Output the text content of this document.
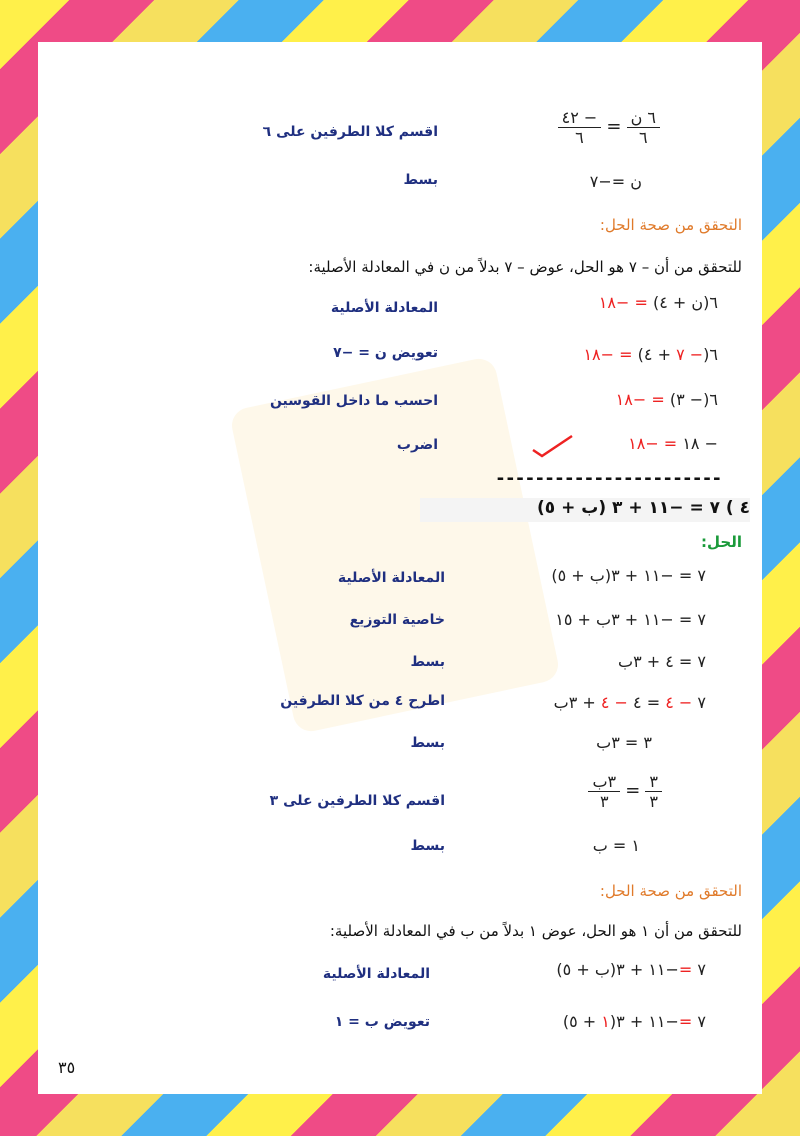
$\frac{\text{٦ ن}}{٦}$
=
$\frac{- ٤٢}{٦}$
اقسم كلا الطرفين على ٦
ن =−٧
بسط
التحقق من صحة الحل:
للتحقق من أن – ٧ هو الحل، عوض – ٧ بدلاً من ن في المعادلة الأصلية:
٦(ن + ٤) = −١٨
المعادلة الأصلية
٦(− ٧ + ٤) = −١٨
تعويض ن = −٧
٦(− ٣) = −١٨
احسب ما داخل القوسين
− ١٨ = −١٨
اضرب
-----------------------
٤ ) ٧ = −١١ + ٣ (ب + ٥)
الحل:
٧ = −١١ + ٣(ب + ٥)
المعادلة الأصلية
٧ = −١١ + ٣ب + ١٥
خاصية التوزيع
٧ = ٤ + ٣ب
بسط
٧ − ٤ = ٤ − ٤ + ٣ب
اطرح ٤ من كلا الطرفين
٣ = ٣ب
بسط
$\frac{٣}{٣}$
=
$\frac{\text{٣ب}}{٣}$
اقسم كلا الطرفين على ٣
١ = ب
بسط
التحقق من صحة الحل:
للتحقق من أن ١ هو الحل، عوض ١ بدلاً من ب في المعادلة الأصلية:
٧ =−١١ + ٣(ب + ٥)
المعادلة الأصلية
٧ =−١١ + ٣(١ + ٥)
تعويض ب = ١
٣٥
